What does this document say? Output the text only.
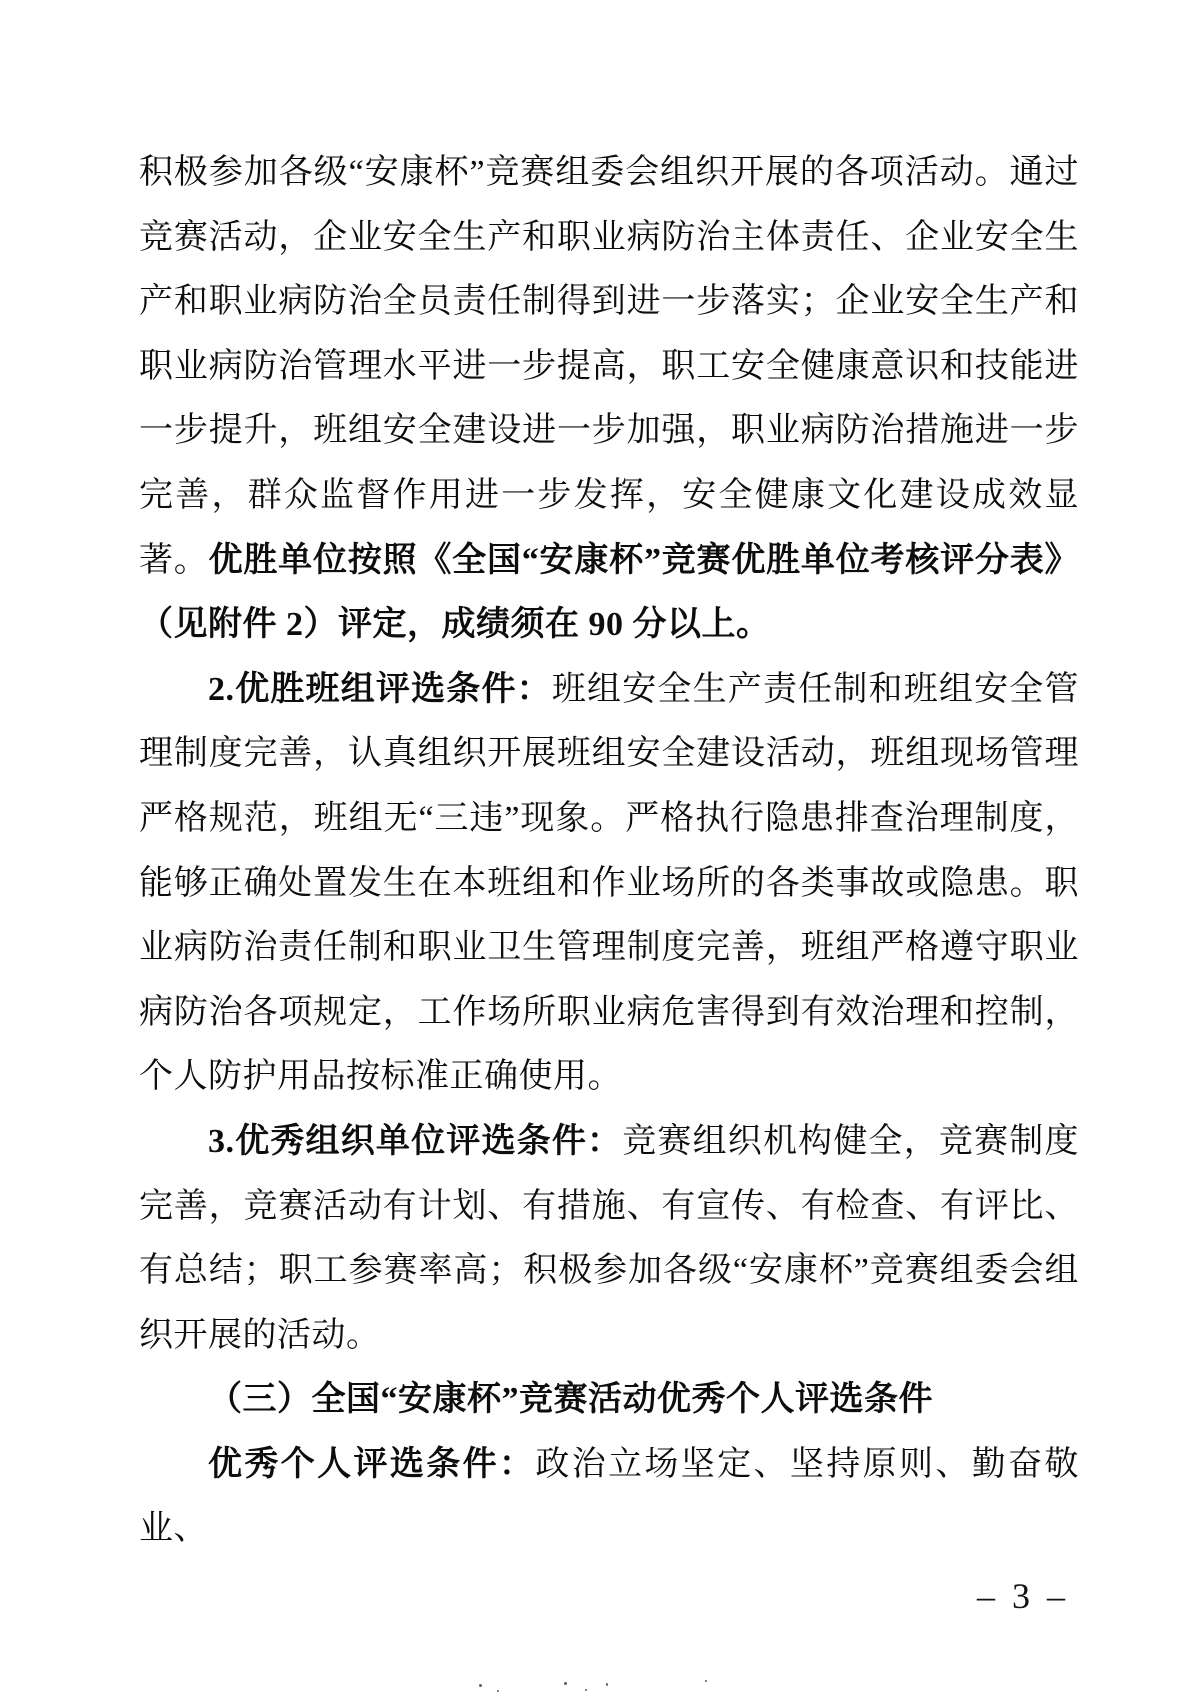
积极参加各级“安康杯”竞赛组委会组织开展的各项活动。通过竞赛活动，企业安全生产和职业病防治主体责任、企业安全生产和职业病防治全员责任制得到进一步落实；企业安全生产和职业病防治管理水平进一步提高，职工安全健康意识和技能进一步提升，班组安全建设进一步加强，职业病防治措施进一步完善，群众监督作用进一步发挥，安全健康文化建设成效显著。优胜单位按照《全国“安康杯”竞赛优胜单位考核评分表》（见附件 2）评定，成绩须在 90 分以上。

2.优胜班组评选条件：班组安全生产责任制和班组安全管理制度完善，认真组织开展班组安全建设活动，班组现场管理严格规范，班组无“三违”现象。严格执行隐患排查治理制度，能够正确处置发生在本班组和作业场所的各类事故或隐患。职业病防治责任制和职业卫生管理制度完善，班组严格遵守职业病防治各项规定，工作场所职业病危害得到有效治理和控制，个人防护用品按标准正确使用。

3.优秀组织单位评选条件：竞赛组织机构健全，竞赛制度完善，竞赛活动有计划、有措施、有宣传、有检查、有评比、有总结；职工参赛率高；积极参加各级“安康杯”竞赛组委会组织开展的活动。

（三）全国“安康杯”竞赛活动优秀个人评选条件

优秀个人评选条件：政治立场坚定、坚持原则、勤奋敬业、

– 3 –
